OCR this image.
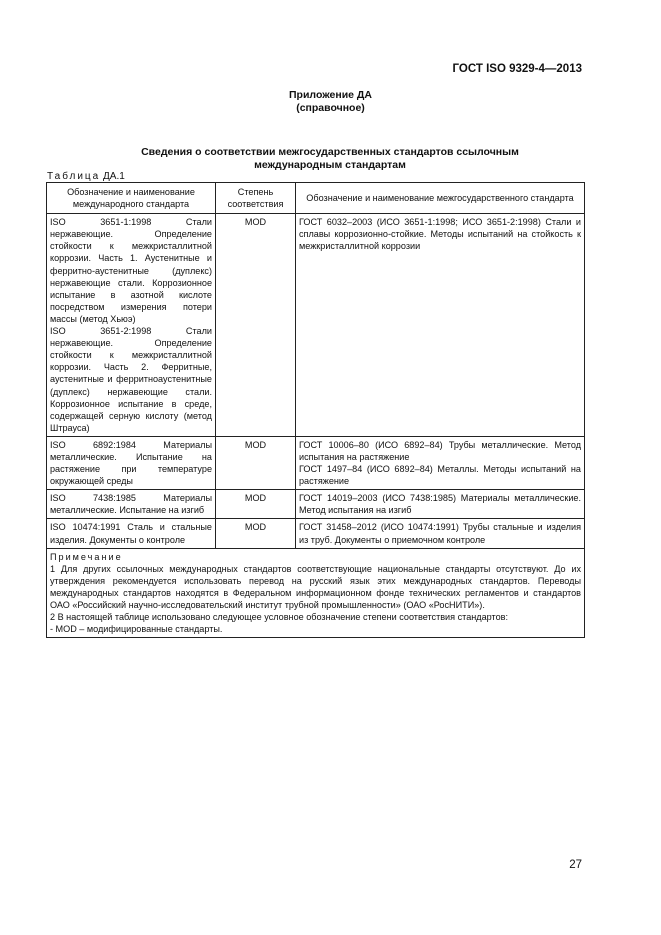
ГОСТ ISO 9329-4—2013
Приложение ДА
(справочное)
Сведения о соответствии межгосударственных стандартов ссылочным
международным стандартам
Таблица ДА.1
Обозначение и наименование международного стандарта	Степень соответствия	Обозначение и наименование межгосударственного стандарта

ISO 3651-1:1998 Стали нержавеющие. Определение стойкости к межкристаллитной коррозии. Часть 1. Аустенитные и ферритно-аустенитные (дуплекс) нержавеющие стали. Коррозионное испытание в азотной кислоте посредством измерения потери массы (метод Хьюэ)
ISO 3651-2:1998 Стали нержавеющие. Определение стойкости к межкристаллитной коррозии. Часть 2. Ферритные, аустенитные и ферритноаустенитные (дуплекс) нержавеющие стали. Коррозионное испытание в среде, содержащей серную кислоту (метод Штрауса)	MOD	ГОСТ 6032–2003 (ИСО 3651-1:1998; ИСО 3651-2:1998) Стали и сплавы коррозионно-стойкие. Методы испытаний на стойкость к межкристаллитной коррозии

ISO 6892:1984 Материалы металлические. Испытание на растяжение при температуре окружающей среды	MOD	ГОСТ 10006–80 (ИСО 6892–84) Трубы металлические. Метод испытания на растяжение
ГОСТ 1497–84 (ИСО 6892–84) Металлы. Методы испытаний на растяжение

ISO 7438:1985 Материалы металлические. Испытание на изгиб	MOD	ГОСТ 14019–2003 (ИСО 7438:1985) Материалы металлические. Метод испытания на изгиб

ISO 10474:1991 Сталь и стальные изделия. Документы о контроле	MOD	ГОСТ 31458–2012 (ИСО 10474:1991) Трубы стальные и изделия из труб. Документы о приемочном контроле

Примечание
1 Для других ссылочных международных стандартов соответствующие национальные стандарты отсутствуют. До их утверждения рекомендуется использовать перевод на русский язык этих международных стандартов. Переводы международных стандартов находятся в Федеральном информационном фонде технических регламентов и стандартов ОАО «Российский научно-исследовательский институт трубной промышленности» (ОАО «РосНИТИ»).
2 В настоящей таблице использовано следующее условное обозначение степени соответствия стандартов:
- MOD – модифицированные стандарты.		
27
